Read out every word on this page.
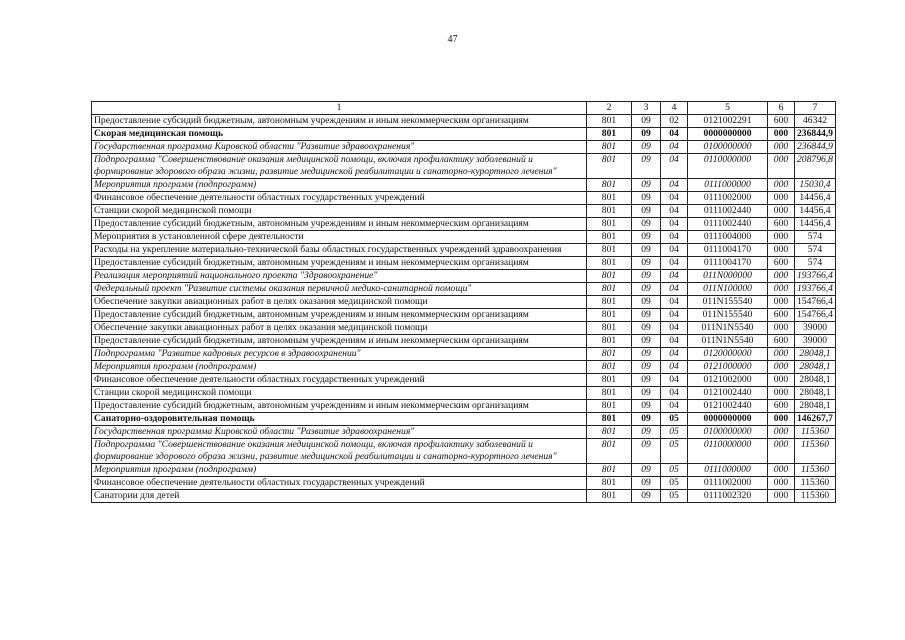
47
1	2	3	4	5	6	7
Предоставление субсидий бюджетным, автономным учреждениям и иным некоммерческим организациям	801	09	02	0121002291	600	46342
Скорая медицинская помощь	801	09	04	0000000000	000	236844,9
Государственная программа Кировской области "Развитие здравоохранения"	801	09	04	0100000000	000	236844,9
Подпрограмма "Совершенствование оказания медицинской помощи, включая профилактику заболеваний и формирование здорового образа жизни, развитие медицинской реабилитации и санаторно-курортного лечения"	801	09	04	0110000000	000	208796,8
Мероприятия программ (подпрограмм)	801	09	04	0111000000	000	15030,4
Финансовое обеспечение деятельности областных государственных учреждений	801	09	04	0111002000	000	14456,4
Станции скорой медицинской помощи	801	09	04	0111002440	000	14456,4
Предоставление субсидий бюджетным, автономным учреждениям и иным некоммерческим организациям	801	09	04	0111002440	600	14456,4
Мероприятия в установленной сфере деятельности	801	09	04	0111004000	000	574
Расходы на укрепление материально-технической базы областных государственных учреждений здравоохранения	801	09	04	0111004170	000	574
Предоставление субсидий бюджетным, автономным учреждениям и иным некоммерческим организациям	801	09	04	0111004170	600	574
Реализация мероприятий национального проекта "Здравоохранение"	801	09	04	011N000000	000	193766,4
Федеральный проект "Развитие системы оказания первичной медико-санитарной помощи"	801	09	04	011N100000	000	193766,4
Обеспечение закупки авиационных работ в целях оказания медицинской помощи	801	09	04	011N155540	000	154766,4
Предоставление субсидий бюджетным, автономным учреждениям и иным некоммерческим организациям	801	09	04	011N155540	600	154766,4
Обеспечение закупки авиационных работ в целях оказания медицинской помощи	801	09	04	011N1N5540	000	39000
Предоставление субсидий бюджетным, автономным учреждениям и иным некоммерческим организациям	801	09	04	011N1N5540	600	39000
Подпрограмма "Развитие кадровых ресурсов в здравоохранении"	801	09	04	0120000000	000	28048,1
Мероприятия программ (подпрограмм)	801	09	04	0121000000	000	28048,1
Финансовое обеспечение деятельности областных государственных учреждений	801	09	04	0121002000	000	28048,1
Станции скорой медицинской помощи	801	09	04	0121002440	000	28048,1
Предоставление субсидий бюджетным, автономным учреждениям и иным некоммерческим организациям	801	09	04	0121002440	600	28048,1
Санаторно-оздоровительная помощь	801	09	05	0000000000	000	146267,7
Государственная программа Кировской области "Развитие здравоохранения"	801	09	05	0100000000	000	115360
Подпрограмма "Совершенствование оказания медицинской помощи, включая профилактику заболеваний и формирование здорового образа жизни, развитие медицинской реабилитации и санаторно-курортного лечения"	801	09	05	0110000000	000	115360
Мероприятия программ (подпрограмм)	801	09	05	0111000000	000	115360
Финансовое обеспечение деятельности областных государственных учреждений	801	09	05	0111002000	000	115360
Санатории для детей	801	09	05	0111002320	000	115360
